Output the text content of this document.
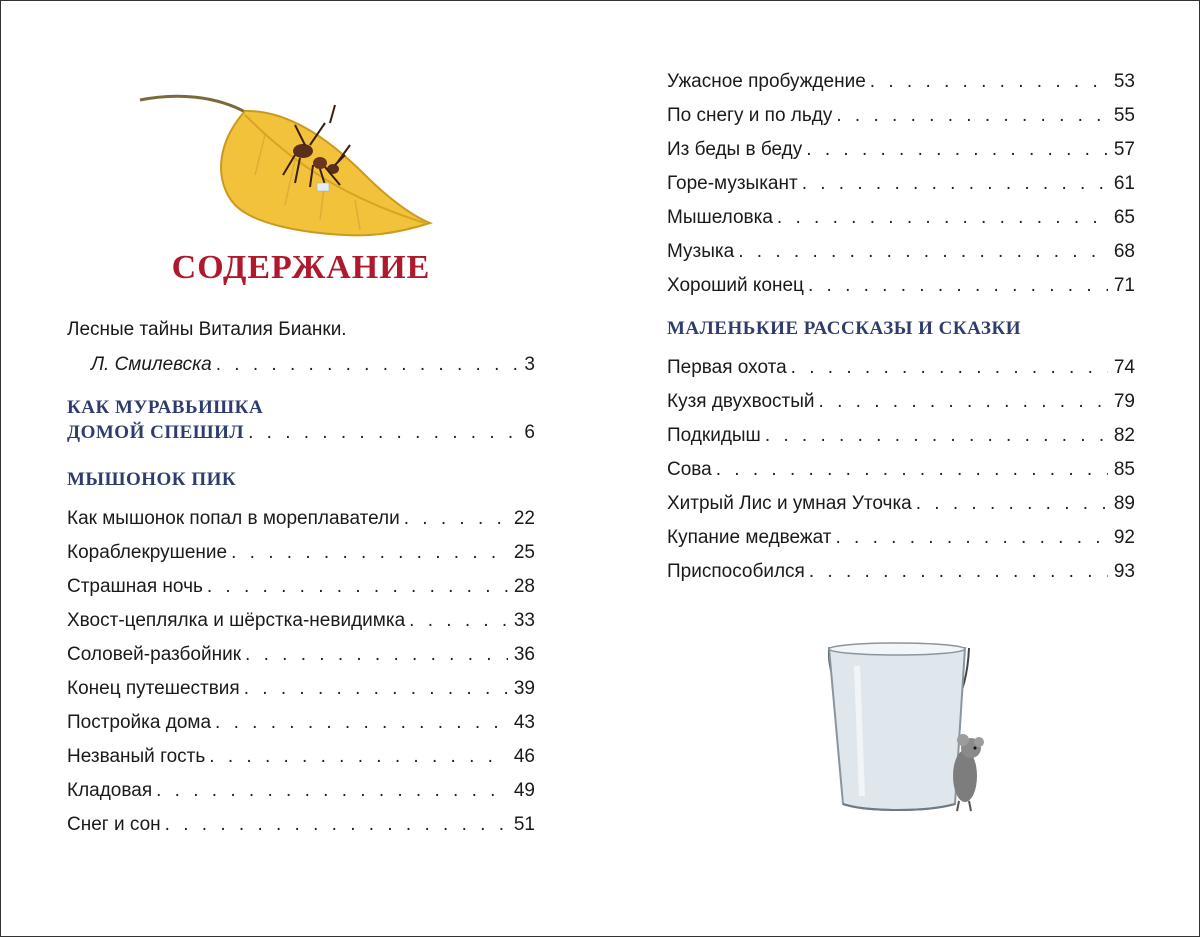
СОДЕРЖАНИЕ
Лесные тайны Виталия Бианки.
Л. Смилевска . . .	3
КАК МУРАВЬИШКА
ДОМОЙ СПЕШИЛ . . .	6
МЫШОНОК ПИК
Как мышонок попал в мореплаватели . . .	22
Кораблекрушение . . .	25
Страшная ночь . . .	28
Хвост-цеплялка и шёрстка-невидимка . . .	33
Соловей-разбойник . . .	36
Конец путешествия . . .	39
Постройка дома . . .	43
Незваный гость . . .	46
Кладовая . . .	49
Снег и сон . . .	51
Ужасное пробуждение . . .	53
По снегу и по льду . . .	55
Из беды в беду . . .	57
Горе-музыкант . . .	61
Мышеловка . . .	65
Музыка . . .	68
Хороший конец . . .	71
МАЛЕНЬКИЕ РАССКАЗЫ И СКАЗКИ
Первая охота . . .	74
Кузя двухвостый . . .	79
Подкидыш . . .	82
Сова . . .	85
Хитрый Лис и умная Уточка . . .	89
Купание медвежат . . .	92
Приспособился . . .	93
